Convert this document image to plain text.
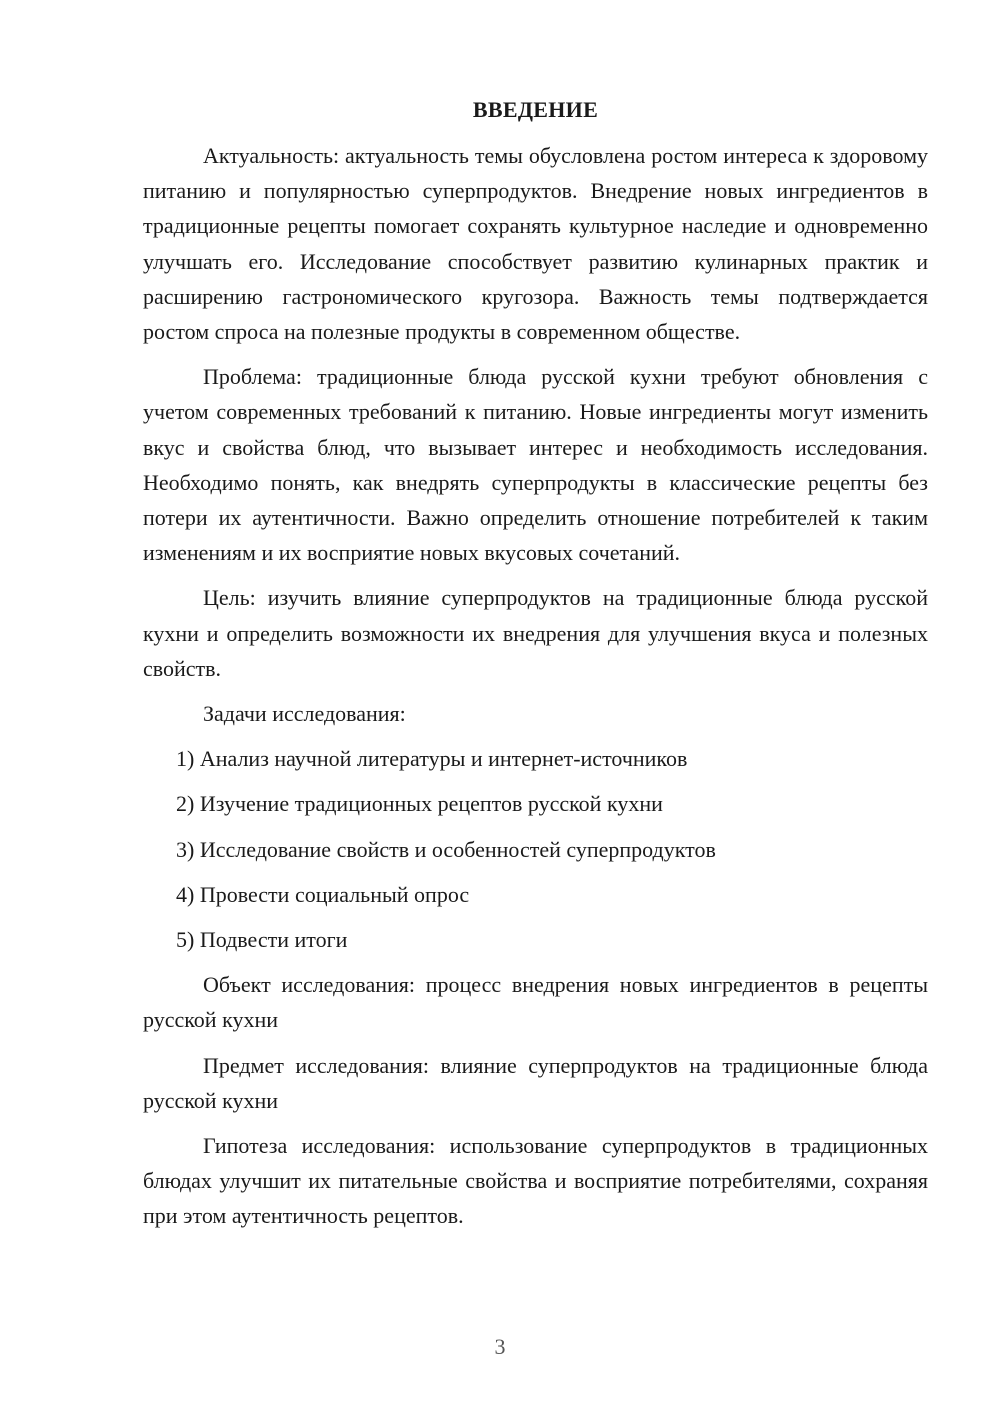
ВВЕДЕНИЕ

Актуальность: актуальность темы обусловлена ростом интереса к здоровому питанию и популярностью суперпродуктов. Внедрение новых ингредиентов в традиционные рецепты помогает сохранять культурное наследие и одновременно улучшать его. Исследование способствует развитию кулинарных практик и расширению гастрономического кругозора. Важность темы подтверждается ростом спроса на полезные продукты в современном обществе.

Проблема: традиционные блюда русской кухни требуют обновления с учетом современных требований к питанию. Новые ингредиенты могут изменить вкус и свойства блюд, что вызывает интерес и необходимость исследования. Необходимо понять, как внедрять суперпродукты в классические рецепты без потери их аутентичности. Важно определить отношение потребителей к таким изменениям и их восприятие новых вкусовых сочетаний.

Цель: изучить влияние суперпродуктов на традиционные блюда русской кухни и определить возможности их внедрения для улучшения вкуса и полезных свойств.

Задачи исследования:

1) Анализ научной литературы и интернет-источников
2) Изучение традиционных рецептов русской кухни
3) Исследование свойств и особенностей суперпродуктов
4) Провести социальный опрос
5) Подвести итоги

Объект исследования: процесс внедрения новых ингредиентов в рецепты русской кухни

Предмет исследования: влияние суперпродуктов на традиционные блюда русской кухни

Гипотеза исследования: использование суперпродуктов в традиционных блюдах улучшит их питательные свойства и восприятие потребителями, сохраняя при этом аутентичность рецептов.

3
